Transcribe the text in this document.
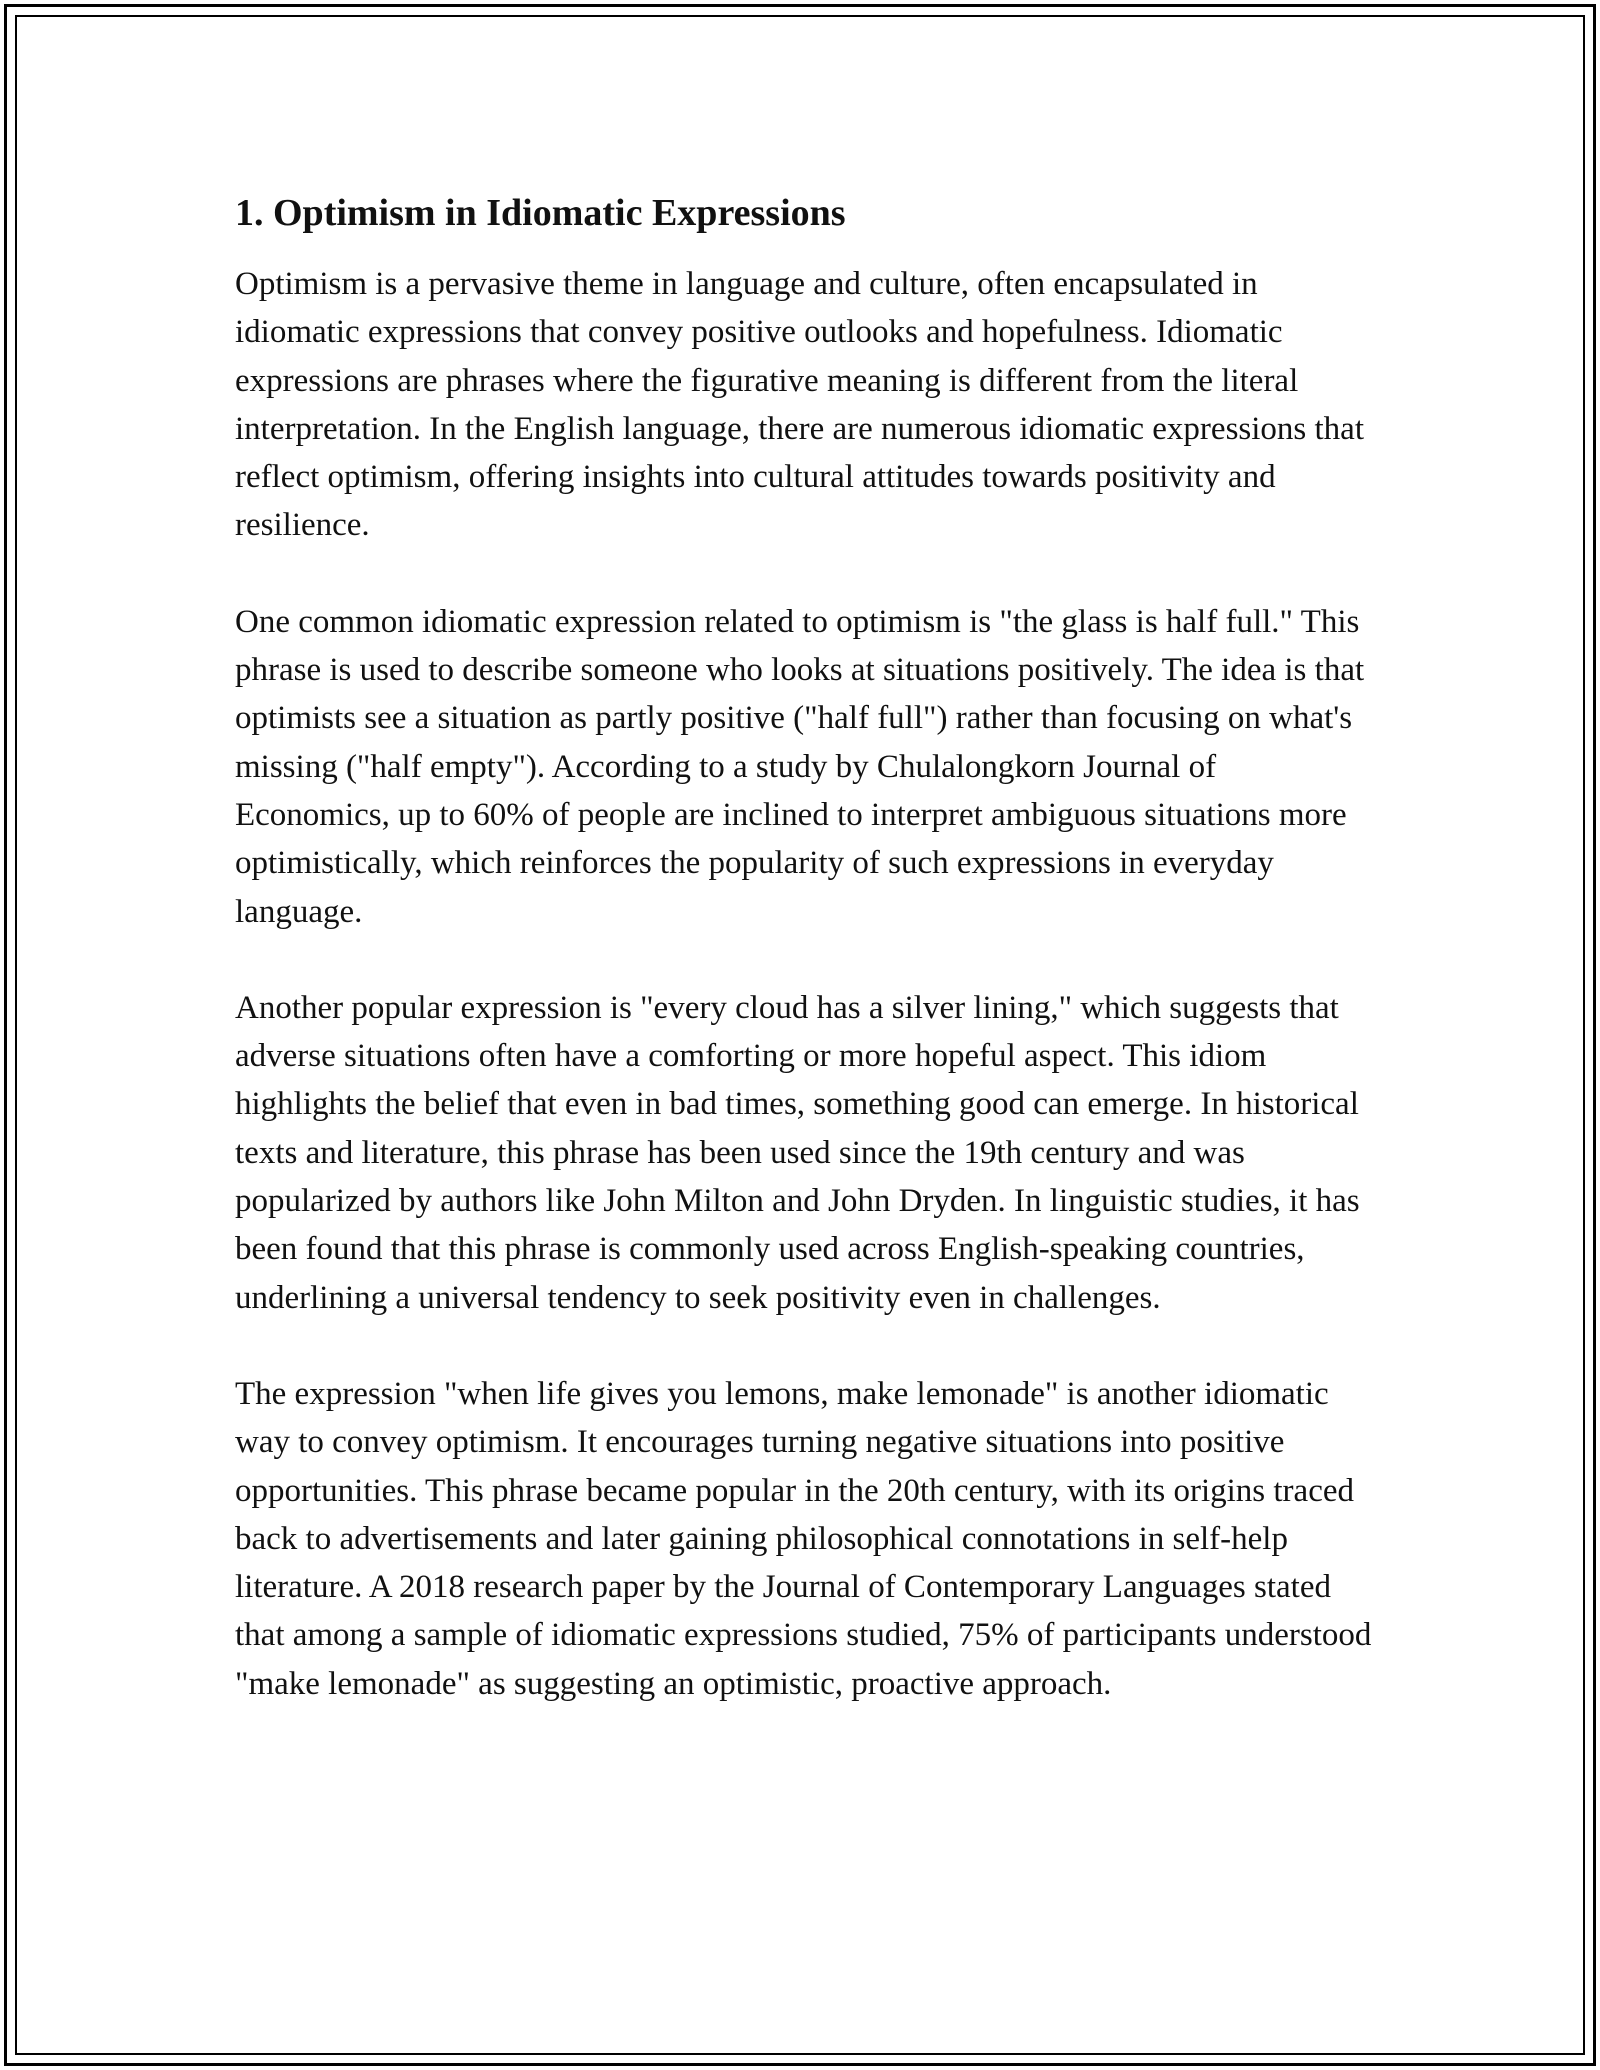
1. Optimism in Idiomatic Expressions

Optimism is a pervasive theme in language and culture, often encapsulated in idiomatic expressions that convey positive outlooks and hopefulness. Idiomatic expressions are phrases where the figurative meaning is different from the literal interpretation. In the English language, there are numerous idiomatic expressions that reflect optimism, offering insights into cultural attitudes towards positivity and resilience.

One common idiomatic expression related to optimism is "the glass is half full." This phrase is used to describe someone who looks at situations positively. The idea is that optimists see a situation as partly positive ("half full") rather than focusing on what's missing ("half empty"). According to a study by Chulalongkorn Journal of Economics, up to 60% of people are inclined to interpret ambiguous situations more optimistically, which reinforces the popularity of such expressions in everyday language.

Another popular expression is "every cloud has a silver lining," which suggests that adverse situations often have a comforting or more hopeful aspect. This idiom highlights the belief that even in bad times, something good can emerge. In historical texts and literature, this phrase has been used since the 19th century and was popularized by authors like John Milton and John Dryden. In linguistic studies, it has been found that this phrase is commonly used across English-speaking countries, underlining a universal tendency to seek positivity even in challenges.

The expression "when life gives you lemons, make lemonade" is another idiomatic way to convey optimism. It encourages turning negative situations into positive opportunities. This phrase became popular in the 20th century, with its origins traced back to advertisements and later gaining philosophical connotations in self-help literature. A 2018 research paper by the Journal of Contemporary Languages stated that among a sample of idiomatic expressions studied, 75% of participants understood "make lemonade" as suggesting an optimistic, proactive approach.
